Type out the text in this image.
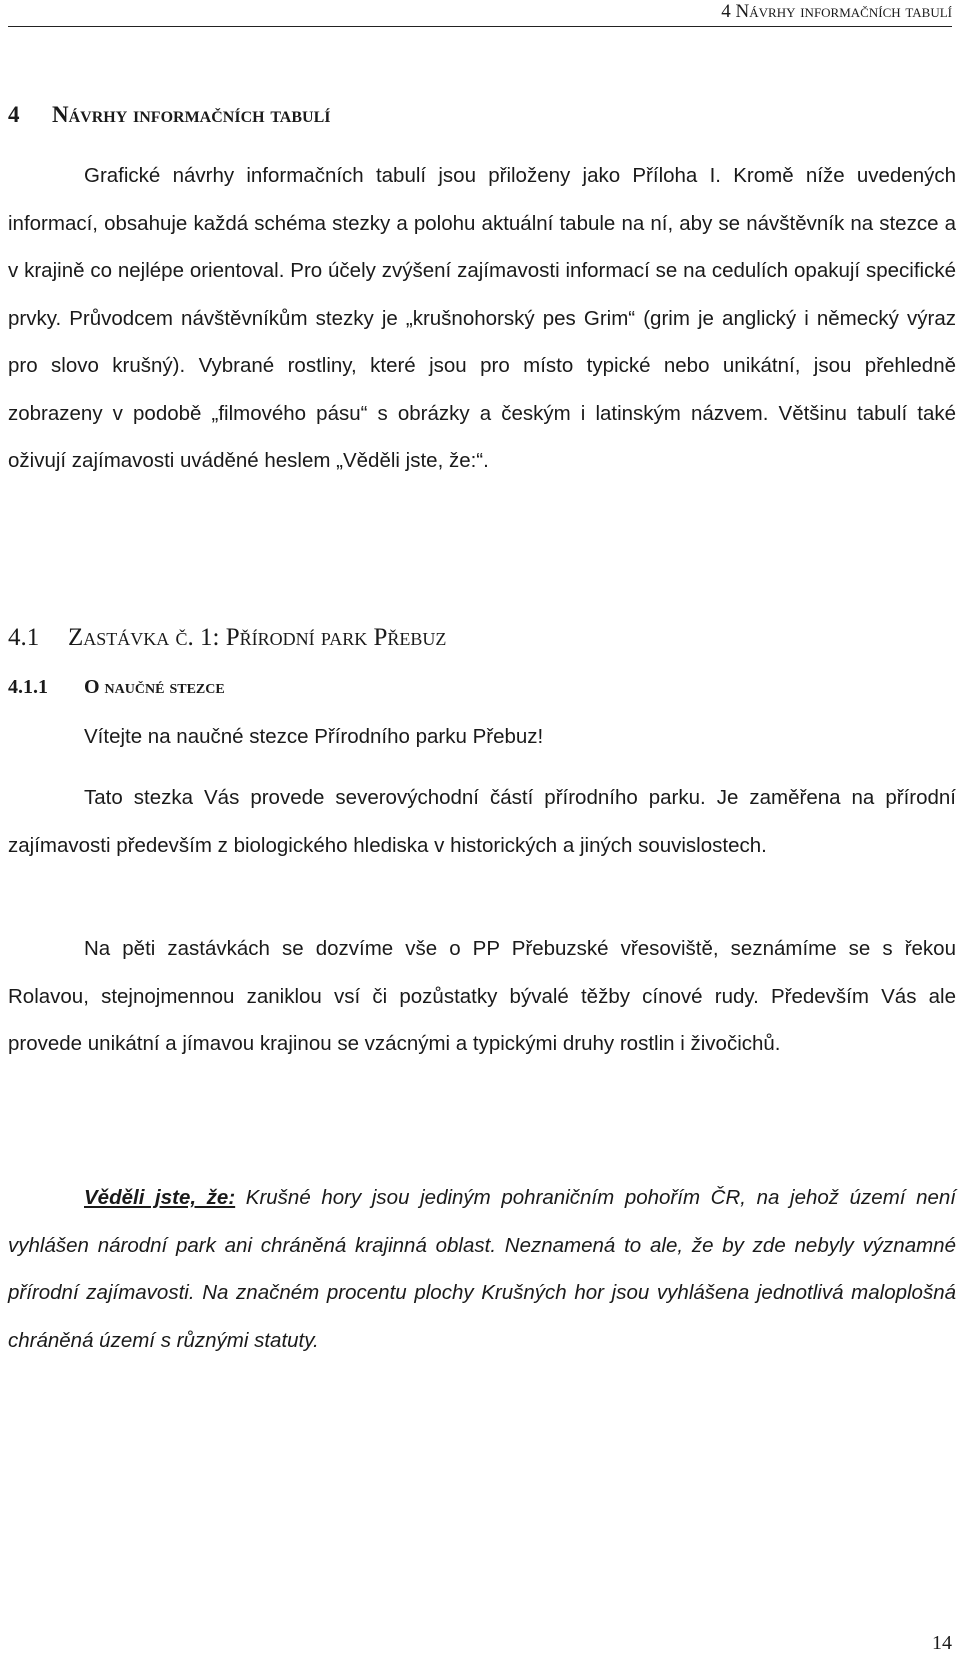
4 Návrhy informačních tabulí
4 Návrhy informačních tabulí

Grafické návrhy informačních tabulí jsou přiloženy jako Příloha I. Kromě níže uvedených informací, obsahuje každá schéma stezky a polohu aktuální tabule na ní, aby se návštěvník na stezce a v krajině co nejlépe orientoval. Pro účely zvýšení zajímavosti informací se na cedulích opakují specifické prvky. Průvodcem návštěvníkům stezky je „krušnohorský pes Grim“ (grim je anglický i německý výraz pro slovo krušný). Vybrané rostliny, které jsou pro místo typické nebo unikátní, jsou přehledně zobrazeny v podobě „filmového pásu“ s obrázky a českým i latinským názvem. Většinu tabulí také oživují zajímavosti uváděné heslem „Věděli jste, že:“.

4.1 Zastávka č. 1: Přírodní park Přebuz
4.1.1 O naučné stezce
Vítejte na naučné stezce Přírodního parku Přebuz!

Tato stezka Vás provede severovýchodní částí přírodního parku. Je zaměřena na přírodní zajímavosti především z biologického hlediska v historických a jiných souvislostech.

Na pěti zastávkách se dozvíme vše o PP Přebuzské vřesoviště, seznámíme se s řekou Rolavou, stejnojmennou zaniklou vsí či pozůstatky bývalé těžby cínové rudy. Především Vás ale provede unikátní a jímavou krajinou se vzácnými a typickými druhy rostlin i živočichů.

Věděli jste, že: Krušné hory jsou jediným pohraničním pohořím ČR, na jehož území není vyhlášen národní park ani chráněná krajinná oblast. Neznamená to ale, že by zde nebyly významné přírodní zajímavosti. Na značném procentu plochy Krušných hor jsou vyhlášena jednotlivá maloplošná chráněná území s různými statuty.

14
